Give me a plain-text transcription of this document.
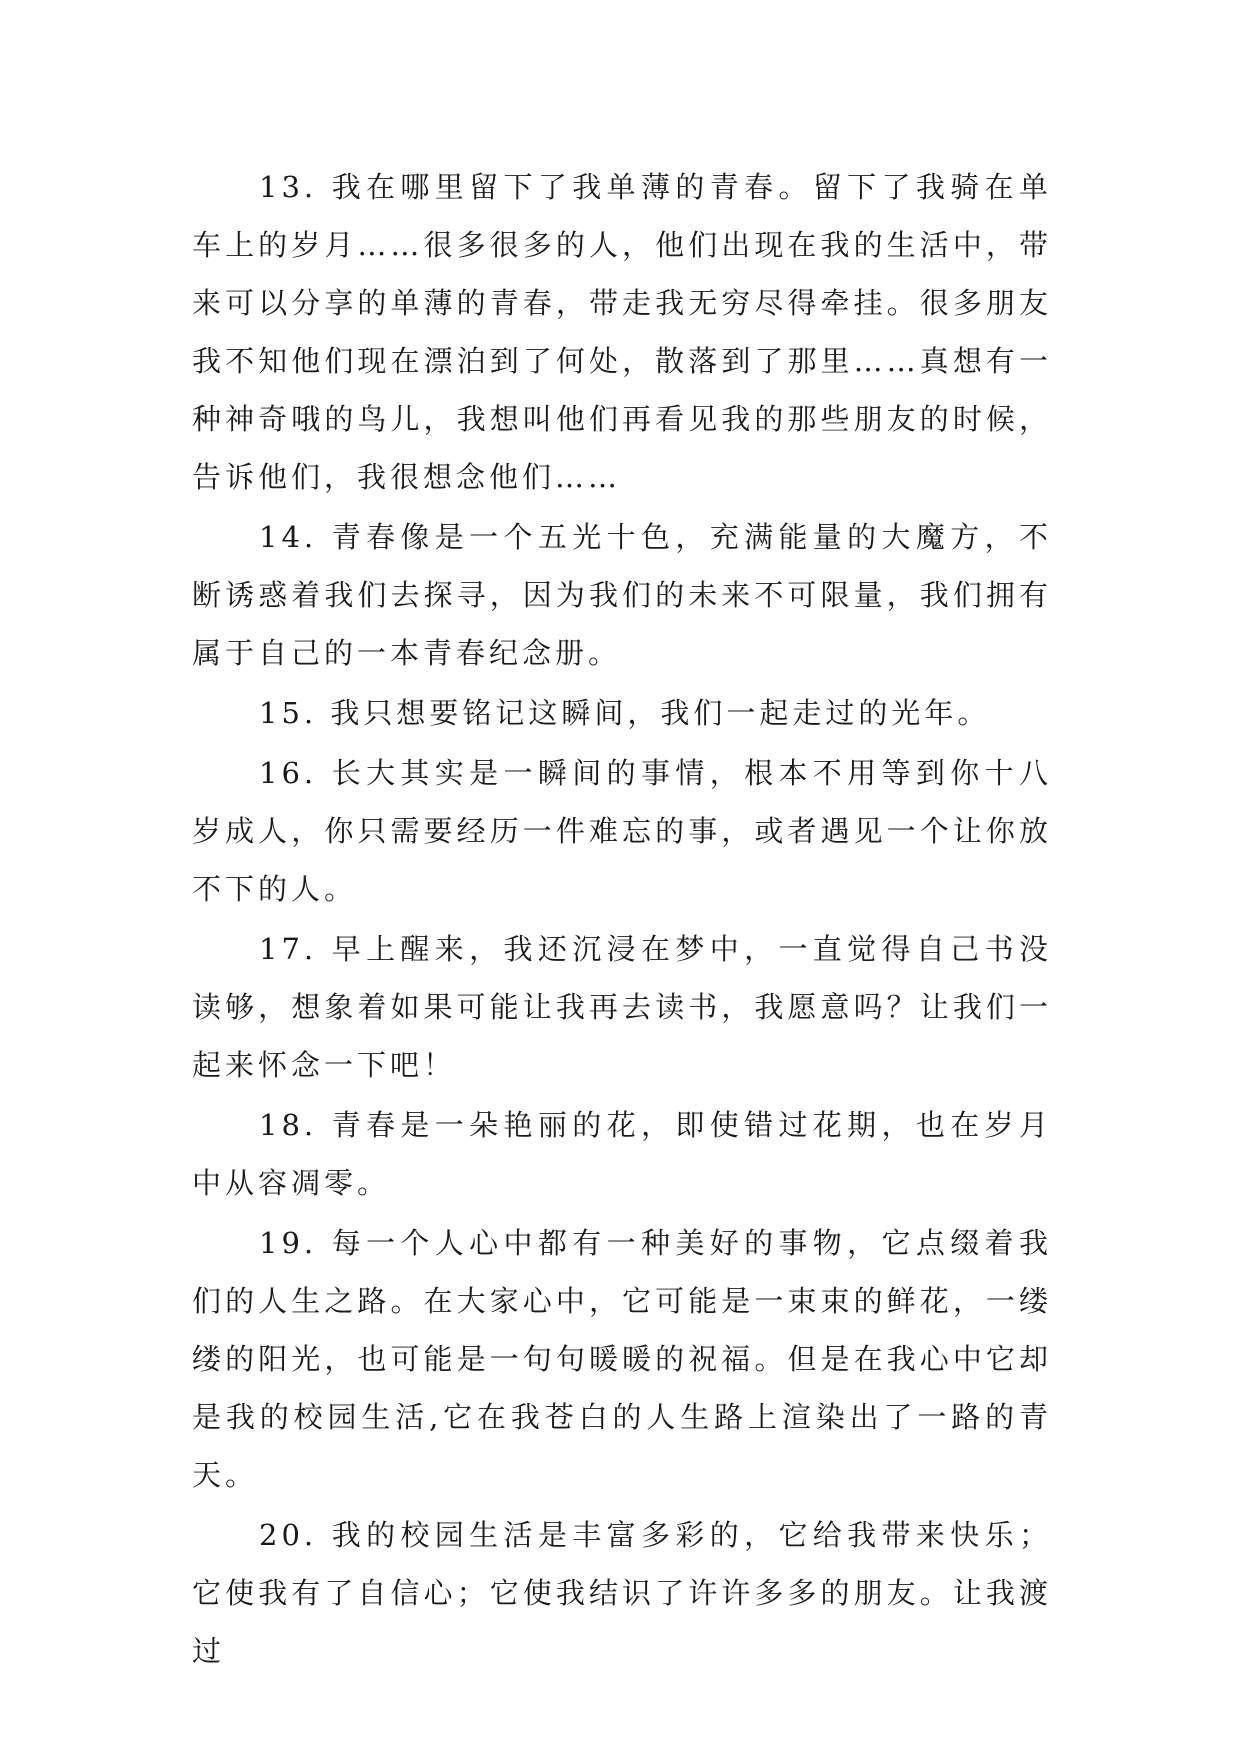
13. 我在哪里留下了我单薄的青春。留下了我骑在单车上的岁月……很多很多的人，他们出现在我的生活中，带来可以分享的单薄的青春，带走我无穷尽得牵挂。很多朋友我不知他们现在漂泊到了何处，散落到了那里……真想有一种神奇哦的鸟儿，我想叫他们再看见我的那些朋友的时候，告诉他们，我很想念他们……

14. 青春像是一个五光十色，充满能量的大魔方，不断诱惑着我们去探寻，因为我们的未来不可限量，我们拥有属于自己的一本青春纪念册。

15. 我只想要铭记这瞬间，我们一起走过的光年。

16. 长大其实是一瞬间的事情，根本不用等到你十八岁成人，你只需要经历一件难忘的事，或者遇见一个让你放不下的人。

17. 早上醒来，我还沉浸在梦中，一直觉得自己书没读够，想象着如果可能让我再去读书，我愿意吗？让我们一起来怀念一下吧！

18. 青春是一朵艳丽的花，即使错过花期，也在岁月中从容凋零。

19. 每一个人心中都有一种美好的事物，它点缀着我们的人生之路。在大家心中，它可能是一束束的鲜花，一缕缕的阳光，也可能是一句句暖暖的祝福。但是在我心中它却是我的校园生活,它在我苍白的人生路上渲染出了一路的青天。

20. 我的校园生活是丰富多彩的，它给我带来快乐；它使我有了自信心；它使我结识了许许多多的朋友。让我渡过
